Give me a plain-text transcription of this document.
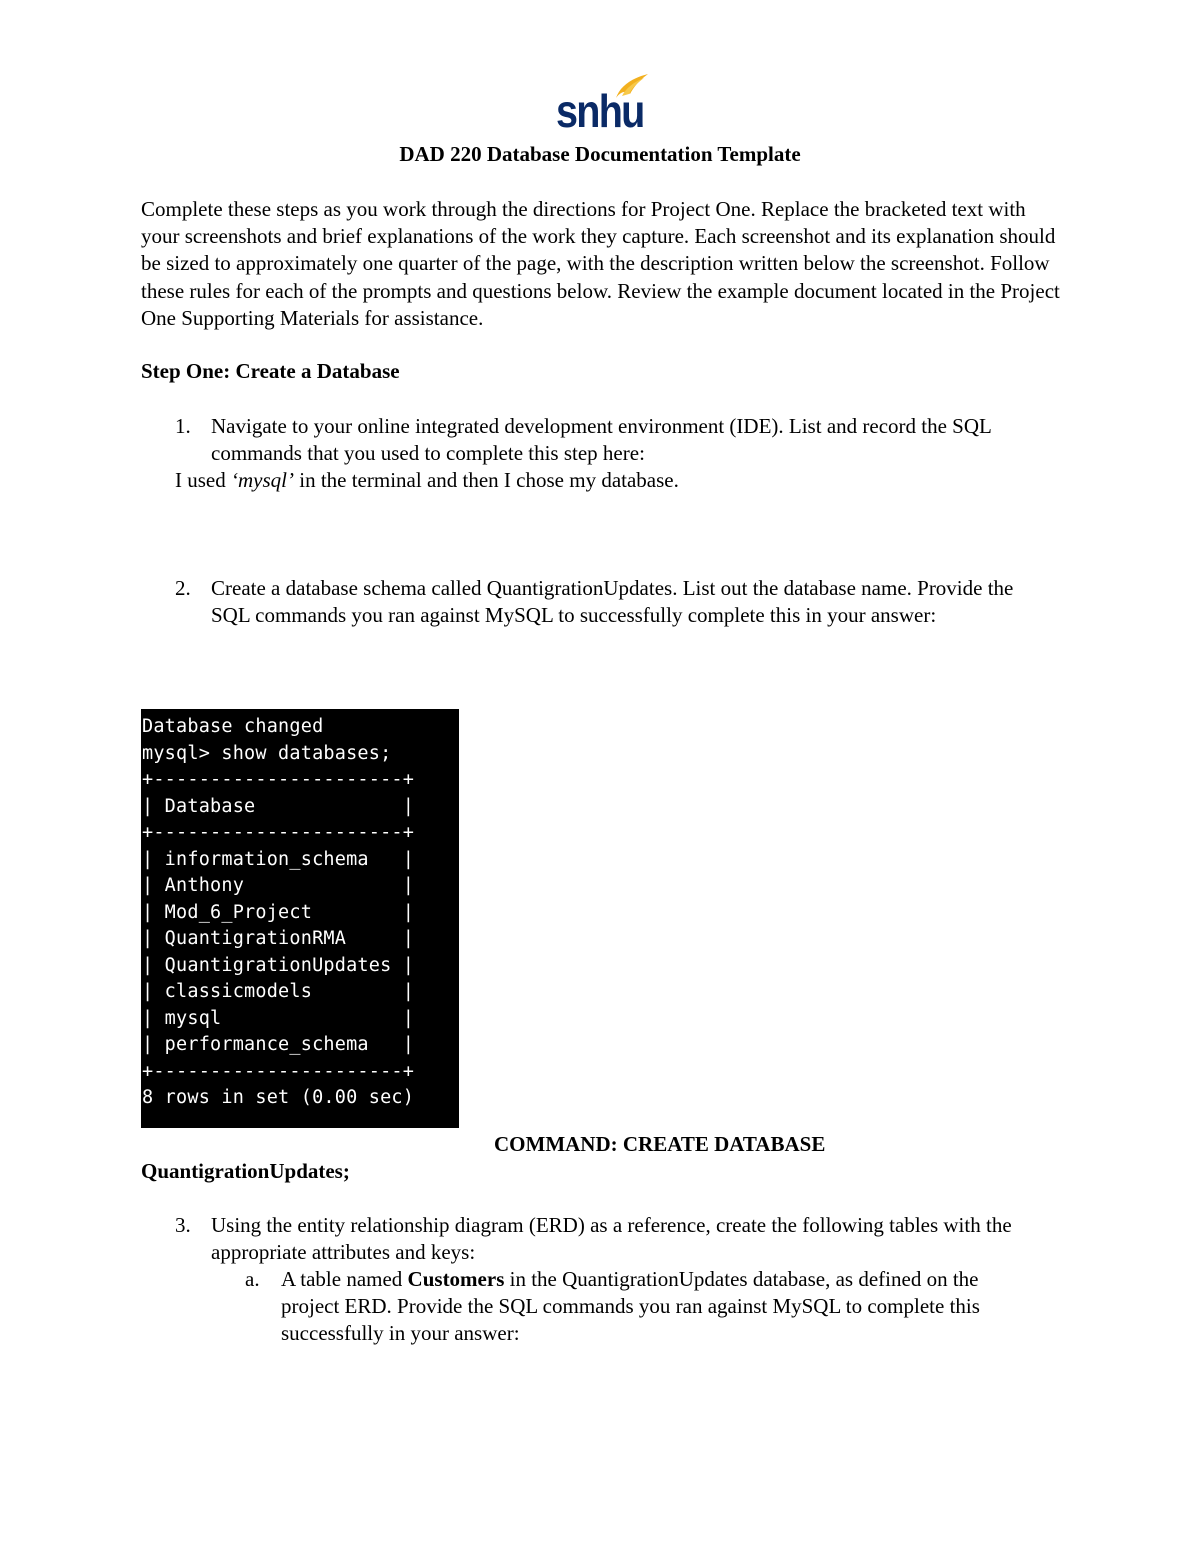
snhu
DAD 220 Database Documentation Template
Complete these steps as you work through the directions for Project One. Replace the bracketed text with your screenshots and brief explanations of the work they capture. Each screenshot and its explanation should be sized to approximately one quarter of the page, with the description written below the screenshot. Follow these rules for each of the prompts and questions below. Review the example document located in the Project One Supporting Materials for assistance.
Step One: Create a Database
1. Navigate to your online integrated development environment (IDE). List and record the SQL commands that you used to complete this step here:
I used ‘mysql’ in the terminal and then I chose my database.
2. Create a database schema called QuantigrationUpdates. List out the database name. Provide the SQL commands you ran against MySQL to successfully complete this in your answer:
Database changed
mysql> show databases;
+----------------------+
| Database             |
+----------------------+
| information_schema   |
| Anthony              |
| Mod_6_Project        |
| QuantigrationRMA     |
| QuantigrationUpdates |
| classicmodels        |
| mysql                |
| performance_schema   |
+----------------------+
8 rows in set (0.00 sec)
COMMAND: CREATE DATABASE
QuantigrationUpdates;
3. Using the entity relationship diagram (ERD) as a reference, create the following tables with the appropriate attributes and keys:
a. A table named Customers in the QuantigrationUpdates database, as defined on the project ERD. Provide the SQL commands you ran against MySQL to complete this successfully in your answer:
